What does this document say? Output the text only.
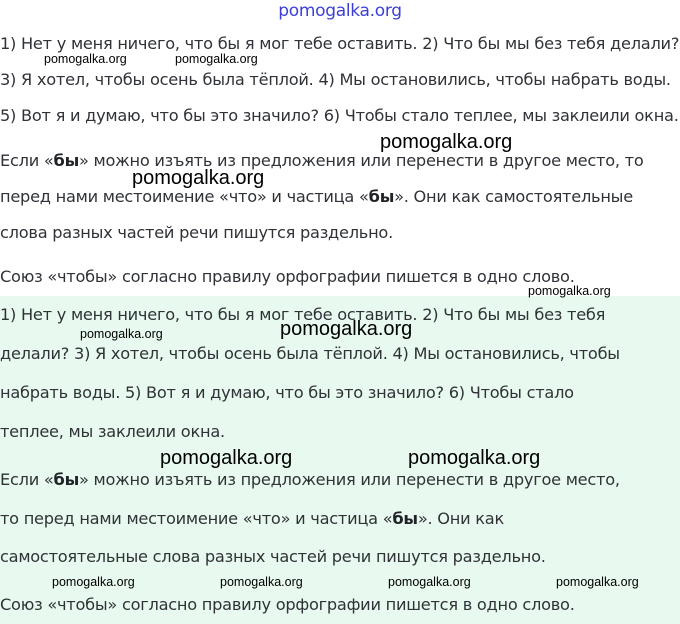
pomogalka.org
1) Нет у меня ничего, что бы я мог тебе оставить. 2) Что бы мы без тебя делали?
3) Я хотел, чтобы осень была тёплой. 4) Мы остановились, чтобы набрать воды.
5) Вот я и думаю, что бы это значило? 6) Чтобы стало теплее, мы заклеили окна.
Если «бы» можно изъять из предложения или перенести в другое место, то
перед нами местоимение «что» и частица «бы». Они как самостоятельные
слова разных частей речи пишутся раздельно.
Союз «чтобы» согласно правилу орфографии пишется в одно слово.
1) Нет у меня ничего, что бы я мог тебе оставить. 2) Что бы мы без тебя
делали? 3) Я хотел, чтобы осень была тёплой. 4) Мы остановились, чтобы
набрать воды. 5) Вот я и думаю, что бы это значило? 6) Чтобы стало
теплее, мы заклеили окна.
Если «бы» можно изъять из предложения или перенести в другое место,
то перед нами местоимение «что» и частица «бы». Они как
самостоятельные слова разных частей речи пишутся раздельно.
Союз «чтобы» согласно правилу орфографии пишется в одно слово.
pomogalka.org	pomogalka.org
pomogalka.org
pomogalka.org
pomogalka.org
pomogalka.org
pomogalka.org
pomogalka.org	pomogalka.org
pomogalka.org	pomogalka.org	pomogalka.org	pomogalka.org
